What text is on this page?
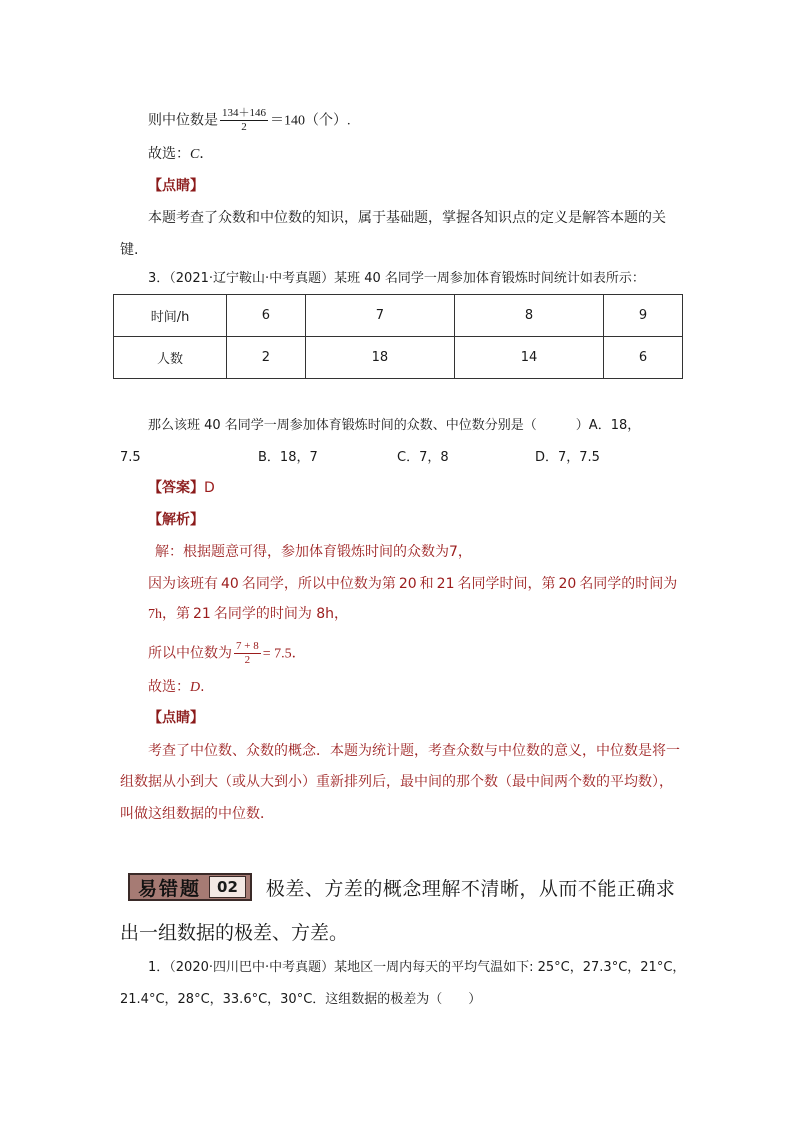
则中位数是 $\frac{134+146}{2} =140$（个）.
故选：C．
【点睛】
本题考查了众数和中位数的知识，属于基础题，掌握各知识点的定义是解答本题的关
键.
3．（2021·辽宁鞍山·中考真题）某班 40 名同学一周参加体育锻炼时间统计如表所示：
时间/h	6	7	8	9
人数	2	18	14	6
那么该班 40 名同学一周参加体育锻炼时间的众数、中位数分别是（　　　）A．18，
7.5	B．18，7	C．7，8	D．7，7.5
【答案】D
【解析】
解：根据题意可得，参加体育锻炼时间的众数为7，
因为该班有 40 名同学，所以中位数为第 20 和 21 名同学时间，第 20 名同学的时间为
7h，第 21 名同学的时间为 8h，
所以中位数为 $\frac{7 + 8}{2} = 7.5$．
故选：D.
【点睛】
考查了中位数、众数的概念．本题为统计题，考查众数与中位数的意义，中位数是将一
组数据从小到大（或从大到小）重新排列后，最中间的那个数（最中间两个数的平均数），
叫做这组数据的中位数．
易错题	02	极差、方差的概念理解不清晰，从而不能正确求
出一组数据的极差、方差。
1．（2020·四川巴中·中考真题）某地区一周内每天的平均气温如下: 25°C，27.3°C，21°C，
21.4°C，28°C，33.6°C，30°C．这组数据的极差为（　　）
